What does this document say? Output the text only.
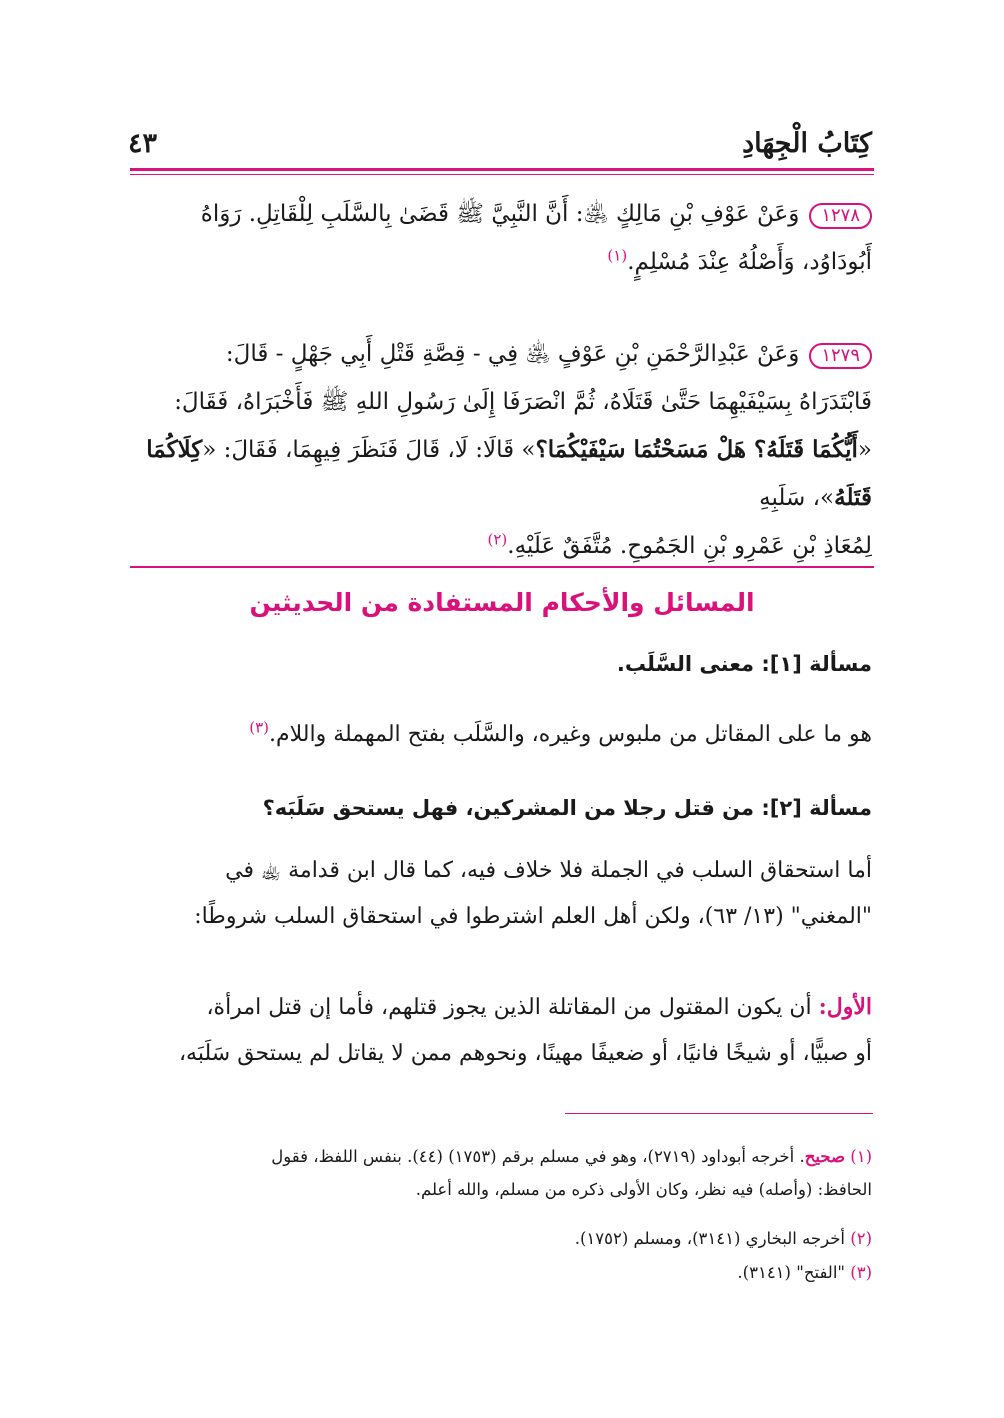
كِتَابُ الْجِهَادِ
٤٣
١٢٧٨وَعَنْ عَوْفِ بْنِ مَالِكٍ ﵁: أَنَّ النَّبِيَّ ﷺ قَضَىٰ بِالسَّلَبِ لِلْقَاتِلِ. رَوَاهُ
أَبُودَاوُد، وَأَصْلُهُ عِنْدَ مُسْلِمٍ.$^{(١)}$
١٢٧٩وَعَنْ عَبْدِالرَّحْمَنِ بْنِ عَوْفٍ ﵁ فِي - قِصَّةِ قَتْلِ أَبِي جَهْلٍ - قَالَ:
فَابْتَدَرَاهُ بِسَيْفَيْهِمَا حَتَّىٰ قَتَلَاهُ، ثُمَّ انْصَرَفَا إِلَىٰ رَسُولِ اللهِ ﷺ فَأَخْبَرَاهُ، فَقَالَ: «أَيُّكُمَا قَتَلَهُ؟ هَلْ مَسَحْتُمَا سَيْفَيْكُمَا؟» قَالَا: لَا، قَالَ فَنَظَرَ فِيهِمَا، فَقَالَ: «كِلَاكُمَا قَتَلَهُ»، سَلَبِهِ
لِمُعَاذِ بْنِ عَمْرِو بْنِ الجَمُوحِ. مُتَّفَقٌ عَلَيْهِ.$^{(٢)}$
المسائل والأحكام المستفادة من الحديثين
مسألة [١]: معنى السَّلَب.
هو ما على المقاتل من ملبوس وغيره، والسَّلَب بفتح المهملة واللام.$^{(٣)}$
مسألة [٢]: من قتل رجلا من المشركين، فهل يستحق سَلَبَه؟
أما استحقاق السلب في الجملة فلا خلاف فيه، كما قال ابن قدامة ﵀ في
"المغني" (١٣/ ٦٣)، ولكن أهل العلم اشترطوا في استحقاق السلب شروطًا:
الأول: أن يكون المقتول من المقاتلة الذين يجوز قتلهم، فأما إن قتل امرأة،
أو صبيًّا، أو شيخًا فانيًا، أو ضعيفًا مهينًا، ونحوهم ممن لا يقاتل لم يستحق سَلَبَه،
(١) صحيح. أخرجه أبوداود (٢٧١٩)، وهو في مسلم برقم (١٧٥٣) (٤٤). بنفس اللفظ، فقول
الحافظ: (وأصله) فيه نظر، وكان الأولى ذكره من مسلم، والله أعلم.
(٢) أخرجه البخاري (٣١٤١)، ومسلم (١٧٥٢).
(٣) "الفتح" (٣١٤١).
